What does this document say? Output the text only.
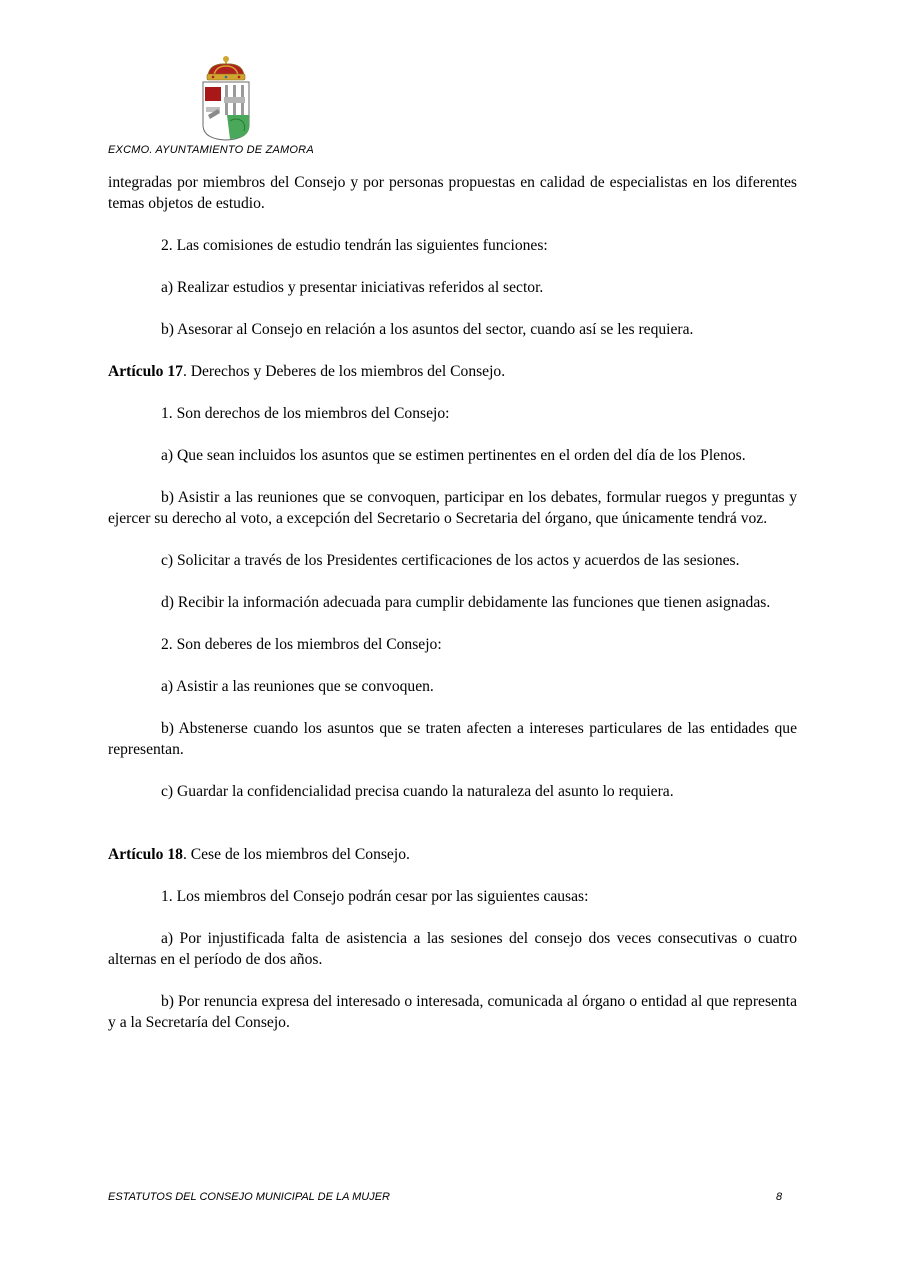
EXCMO. AYUNTAMIENTO DE ZAMORA

integradas por miembros del Consejo y por personas propuestas en calidad de especialistas en los diferentes temas objetos de estudio.

2. Las comisiones de estudio tendrán las siguientes funciones:

a) Realizar estudios y presentar iniciativas referidos al sector.

b) Asesorar al Consejo en relación a los asuntos del sector, cuando así se les requiera.

Artículo 17. Derechos y Deberes de los miembros del Consejo.

1. Son derechos de los miembros del Consejo:

a) Que sean incluidos los asuntos que se estimen pertinentes en el orden del día de los Plenos.

b) Asistir a las reuniones que se convoquen, participar en los debates, formular ruegos y preguntas y ejercer su derecho al voto, a excepción del Secretario o Secretaria del órgano, que únicamente tendrá voz.

c) Solicitar a través de los Presidentes certificaciones de los actos y acuerdos de las sesiones.

d) Recibir la información adecuada para cumplir debidamente las funciones que tienen asignadas.

2. Son deberes de los miembros del Consejo:

a) Asistir a las reuniones que se convoquen.

b) Abstenerse cuando los asuntos que se traten afecten a intereses particulares de las entidades que representan.

c) Guardar la confidencialidad precisa cuando la naturaleza del asunto lo requiera.

Artículo 18. Cese de los miembros del Consejo.

1. Los miembros del Consejo podrán cesar por las siguientes causas:

a) Por injustificada falta de asistencia a las sesiones del consejo dos veces consecutivas o cuatro alternas en el período de dos años.

b) Por renuncia expresa del interesado o interesada, comunicada al órgano o entidad al que representa y a la Secretaría del Consejo.

ESTATUTOS DEL CONSEJO MUNICIPAL DE LA MUJER	8
